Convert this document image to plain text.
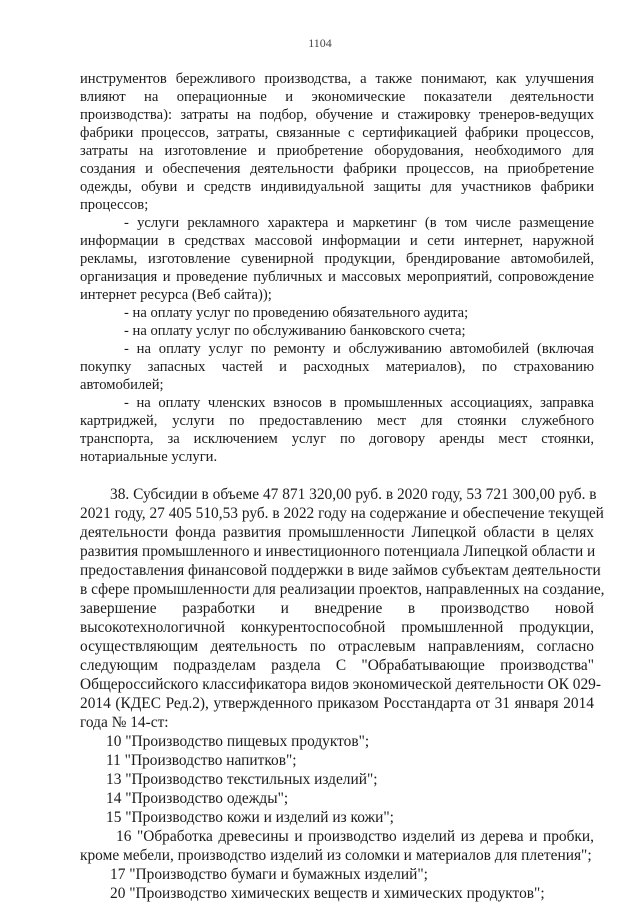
1104
инструментов бережливого производства, а также понимают, как улучшения
влияют на операционные и экономические показатели деятельности
производства): затраты на подбор, обучение и стажировку тренеров-ведущих
фабрики процессов, затраты, связанные с сертификацией фабрики процессов,
затраты на изготовление и приобретение оборудования, необходимого для
создания и обеспечения деятельности фабрики процессов, на приобретение
одежды, обуви и средств индивидуальной защиты для участников фабрики
процессов;
- услуги рекламного характера и маркетинг (в том числе размещение
информации в средствах массовой информации и сети интернет, наружной
рекламы, изготовление сувенирной продукции, брендирование автомобилей,
организация и проведение публичных и массовых мероприятий, сопровождение
интернет ресурса (Веб сайта));
- на оплату услуг по проведению обязательного аудита;
- на оплату услуг по обслуживанию банковского счета;
- на оплату услуг по ремонту и обслуживанию автомобилей (включая
покупку запасных частей и расходных материалов), по страхованию
автомобилей;
- на оплату членских взносов в промышленных ассоциациях, заправка
картриджей, услуги по предоставлению мест для стоянки служебного
транспорта, за исключением услуг по договору аренды мест стоянки,
нотариальные услуги.
38. Субсидии в объеме 47 871 320,00 руб. в 2020 году, 53 721 300,00 руб. в
2021 году, 27 405 510,53 руб. в 2022 году на содержание и обеспечение текущей
деятельности фонда развития промышленности Липецкой области в целях
развития промышленного и инвестиционного потенциала Липецкой области и
предоставления финансовой поддержки в виде займов субъектам деятельности
в сфере промышленности для реализации проектов, направленных на создание,
завершение разработки и внедрение в производство новой
высокотехнологичной конкурентоспособной промышленной продукции,
осуществляющим деятельность по отраслевым направлениям, согласно
следующим подразделам раздела С "Обрабатывающие производства"
Общероссийского классификатора видов экономической деятельности ОК 029-
2014 (КДЕС Ред.2), утвержденного приказом Росстандарта от 31 января 2014
года № 14-ст:
10 "Производство пищевых продуктов";
11 "Производство напитков";
13 "Производство текстильных изделий";
14 "Производство одежды";
15 "Производство кожи и изделий из кожи";
16 "Обработка древесины и производство изделий из дерева и пробки,
кроме мебели, производство изделий из соломки и материалов для плетения";
17 "Производство бумаги и бумажных изделий";
20 "Производство химических веществ и химических продуктов";
